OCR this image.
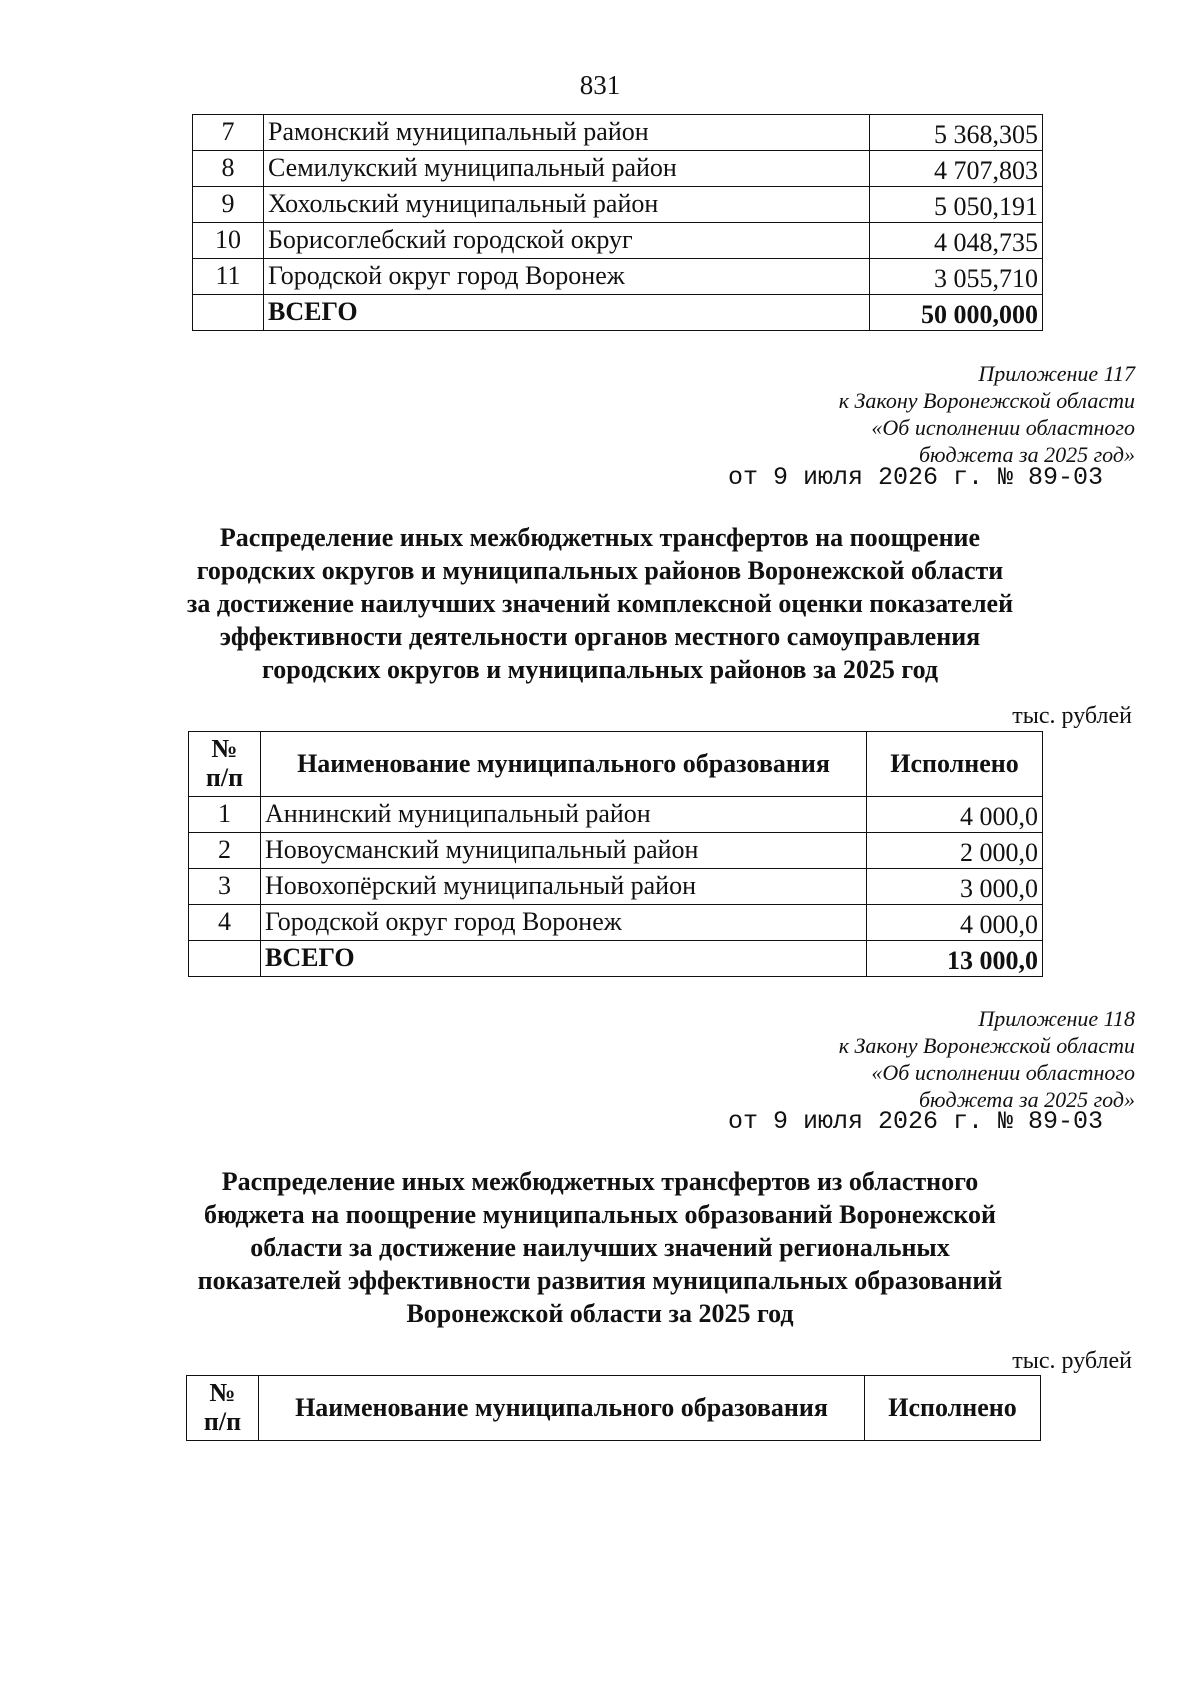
831
7	Рамонский муниципальный район	5 368,305
8	Семилукский муниципальный район	4 707,803
9	Хохольский муниципальный район	5 050,191
10	Борисоглебский городской округ	4 048,735
11	Городской округ город Воронеж	3 055,710
	ВСЕГО	50 000,000
Приложение 117
к Закону Воронежской области
«Об исполнении областного
бюджета за 2025 год»
от 9 июля 2026 г. № 89-03
Распределение иных межбюджетных трансфертов на поощрение
городских округов и муниципальных районов Воронежской области
за достижение наилучших значений комплексной оценки показателей
эффективности деятельности органов местного самоуправления
городских округов и муниципальных районов за 2025 год
тыс. рублей
№
п/п	Наименование муниципального образования	Исполнено
1	Аннинский муниципальный район	4 000,0
2	Новоусманский муниципальный район	2 000,0
3	Новохопёрский муниципальный район	3 000,0
4	Городской округ город Воронеж	4 000,0
	ВСЕГО	13 000,0
Приложение 118
к Закону Воронежской области
«Об исполнении областного
бюджета за 2025 год»
от 9 июля 2026 г. № 89-03
Распределение иных межбюджетных трансфертов из областного
бюджета на поощрение муниципальных образований Воронежской
области за достижение наилучших значений региональных
показателей эффективности развития муниципальных образований
Воронежской области за 2025 год
тыс. рублей
№
п/п	Наименование муниципального образования	Исполнено
